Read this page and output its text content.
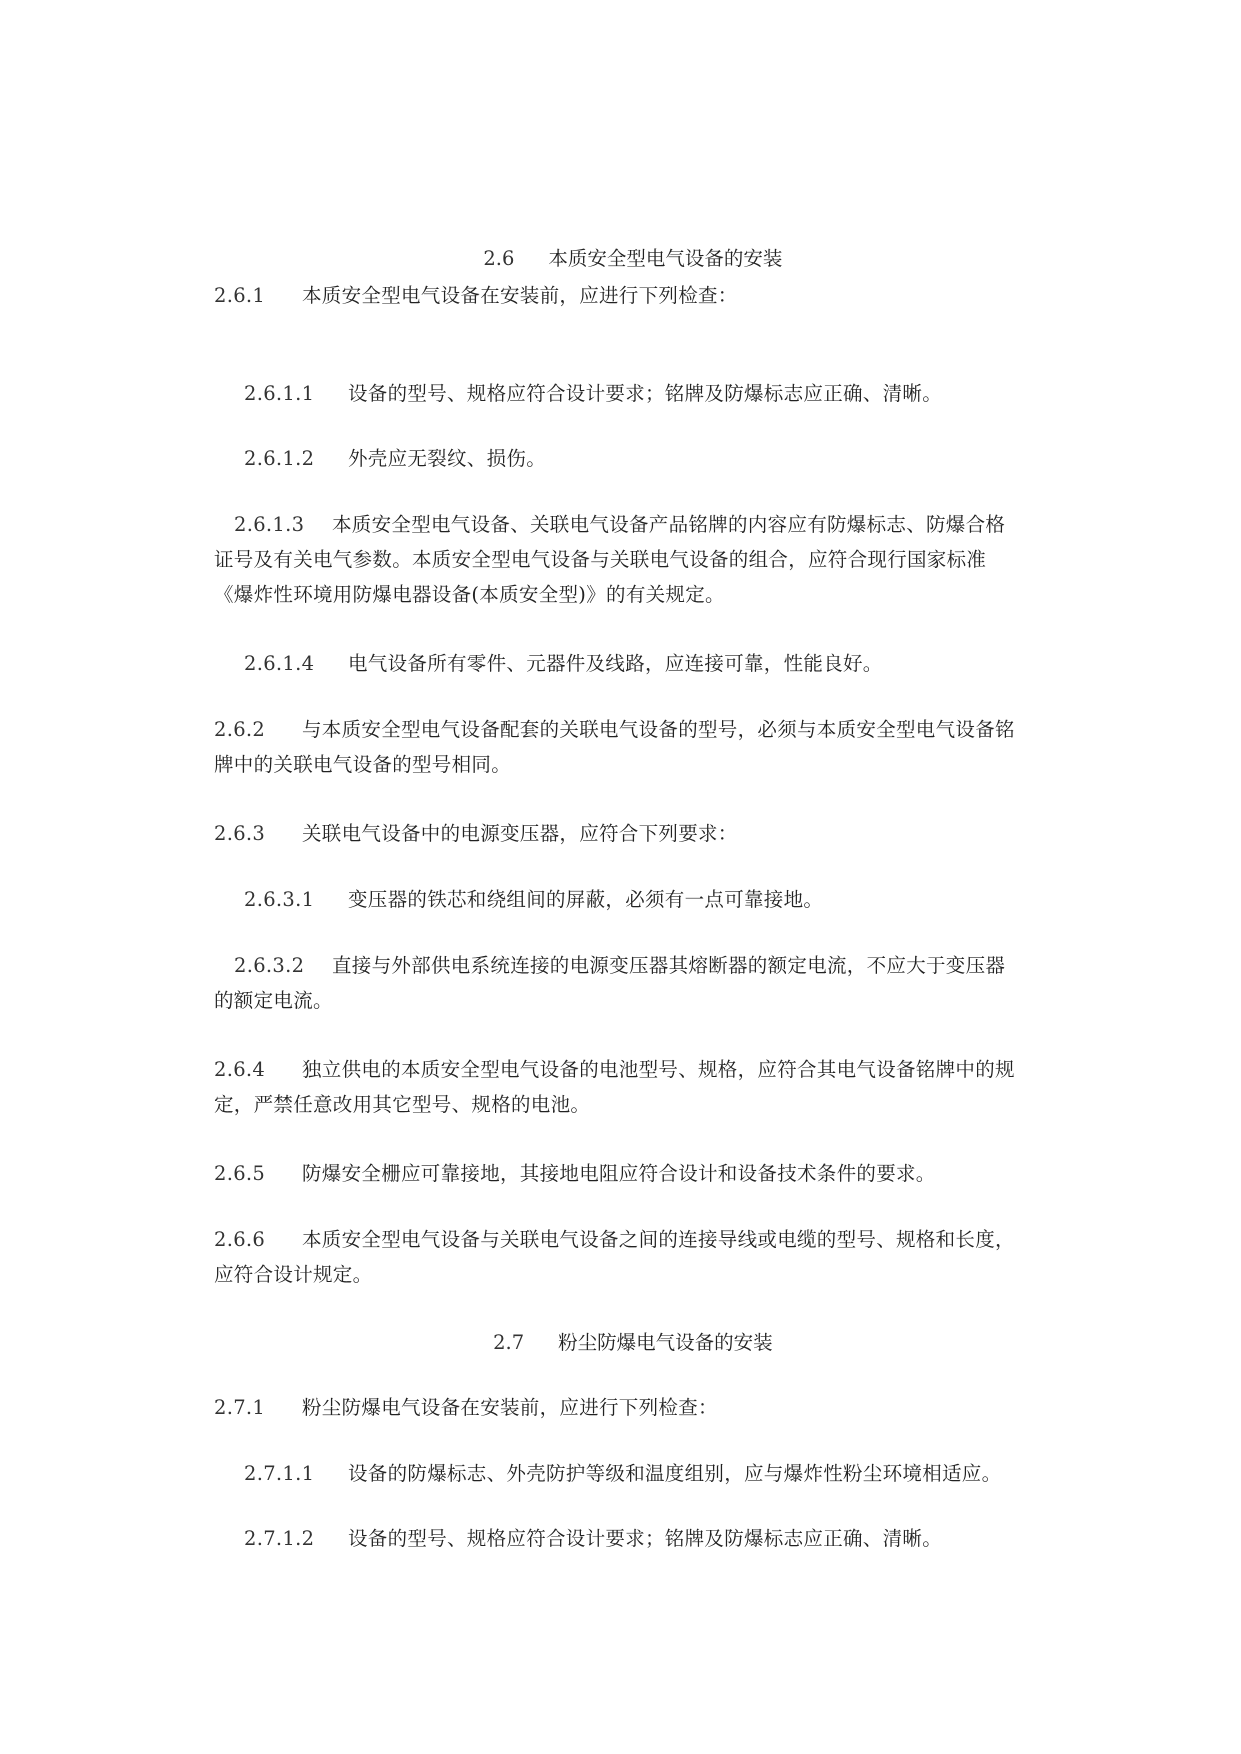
2.6 本质安全型电气设备的安装

2.6.1 本质安全型电气设备在安装前，应进行下列检查：

2.6.1.1 设备的型号、规格应符合设计要求；铭牌及防爆标志应正确、清晰。

2.6.1.2 外壳应无裂纹、损伤。

2.6.1.3 本质安全型电气设备、关联电气设备产品铭牌的内容应有防爆标志、防爆合格

证号及有关电气参数。本质安全型电气设备与关联电气设备的组合，应符合现行国家标准

《爆炸性环境用防爆电器设备(本质安全型)》的有关规定。

2.6.1.4 电气设备所有零件、元器件及线路，应连接可靠，性能良好。

2.6.2 与本质安全型电气设备配套的关联电气设备的型号，必须与本质安全型电气设备铭

牌中的关联电气设备的型号相同。

2.6.3 关联电气设备中的电源变压器，应符合下列要求：

2.6.3.1 变压器的铁芯和绕组间的屏蔽，必须有一点可靠接地。

2.6.3.2 直接与外部供电系统连接的电源变压器其熔断器的额定电流，不应大于变压器

的额定电流。

2.6.4 独立供电的本质安全型电气设备的电池型号、规格，应符合其电气设备铭牌中的规

定，严禁任意改用其它型号、规格的电池。

2.6.5 防爆安全栅应可靠接地，其接地电阻应符合设计和设备技术条件的要求。

2.6.6 本质安全型电气设备与关联电气设备之间的连接导线或电缆的型号、规格和长度，

应符合设计规定。

2.7 粉尘防爆电气设备的安装

2.7.1 粉尘防爆电气设备在安装前，应进行下列检查：

2.7.1.1 设备的防爆标志、外壳防护等级和温度组别，应与爆炸性粉尘环境相适应。

2.7.1.2 设备的型号、规格应符合设计要求；铭牌及防爆标志应正确、清晰。
